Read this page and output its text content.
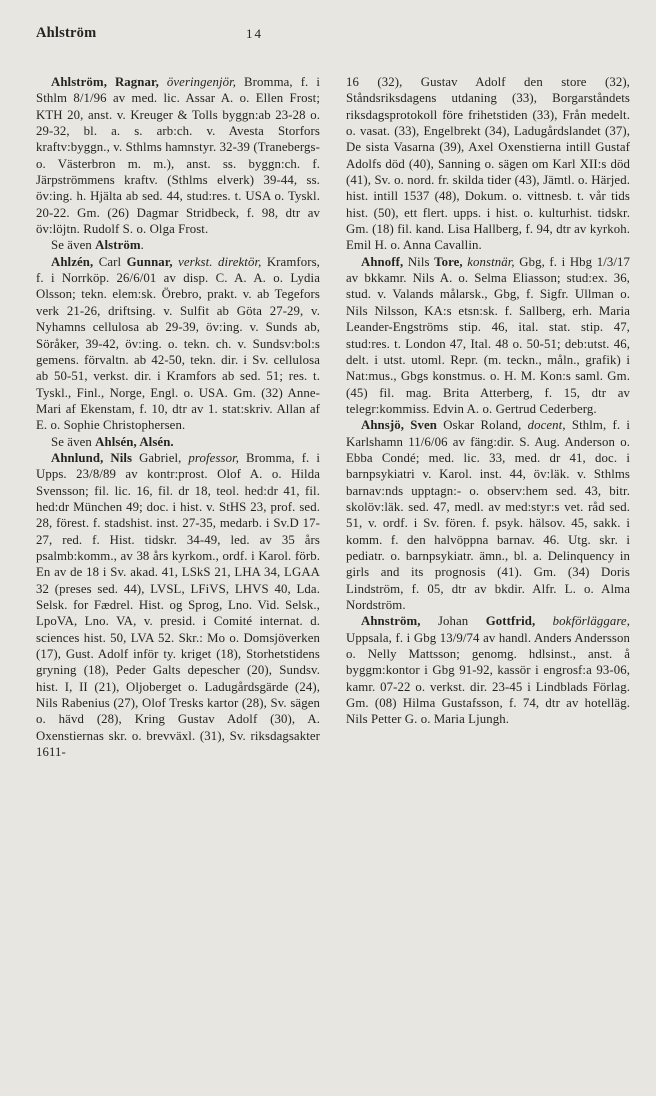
Ahlström	14

Ahlström, Ragnar, överingenjör, Bromma, f. i Sthlm 8/1/96 av med. lic. Assar A. o. Ellen Frost; KTH 20, anst. v. Kreuger & Tolls byggn:ab 23-28 o. 29-32, bl. a. s. arb:ch. v. Avesta Storfors kraftv:byggn., v. Sthlms hamnstyr. 32-39 (Tranebergs- o. Västerbron m. m.), anst. ss. byggn:ch. f. Järpströmmens kraftv. (Sthlms elverk) 39-44, ss. öv:ing. h. Hjälta ab sed. 44, stud:res. t. USA o. Tyskl. 20-22. Gm. (26) Dagmar Stridbeck, f. 98, dtr av öv:löjtn. Rudolf S. o. Olga Frost.

Se även Alström.

Ahlzén, Carl Gunnar, verkst. direktör, Kramfors, f. i Norrköp. 26/6/01 av disp. C. A. A. o. Lydia Olsson; tekn. elem:sk. Örebro, prakt. v. ab Tegefors verk 21-26, driftsing. v. Sulfit ab Göta 27-29, v. Nyhamns cellulosa ab 29-39, öv:ing. v. Sunds ab, Söråker, 39-42, öv:ing. o. tekn. ch. v. Sundsv:bol:s gemens. förvaltn. ab 42-50, tekn. dir. i Sv. cellulosa ab 50-51, verkst. dir. i Kramfors ab sed. 51; res. t. Tyskl., Finl., Norge, Engl. o. USA. Gm. (32) Anne-Mari af Ekenstam, f. 10, dtr av 1. stat:skriv. Allan af E. o. Sophie Christophersen.

Se även Ahlsén, Alsén.

Ahnlund, Nils Gabriel, professor, Bromma, f. i Upps. 23/8/89 av kontr:prost. Olof A. o. Hilda Svensson; fil. lic. 16, fil. dr 18, teol. hed:dr 41, fil. hed:dr München 49; doc. i hist. v. StHS 23, prof. sed. 28, förest. f. stadshist. inst. 27-35, medarb. i Sv.D 17-27, red. f. Hist. tidskr. 34-49, led. av 35 års psalmb:komm., av 38 års kyrkom., ordf. i Karol. förb. En av de 18 i Sv. akad. 41, LSkS 21, LHA 34, LGAA 32 (preses sed. 44), LVSL, LFiVS, LHVS 40, Lda. Selsk. for Fædrel. Hist. og Sprog, Lno. Vid. Selsk., LpoVA, Lno. VA, v. presid. i Comité internat. d. sciences hist. 50, LVA 52. Skr.: Mo o. Domsjöverken (17), Gust. Adolf inför ty. kriget (18), Storhetstidens gryning (18), Peder Galts depescher (20), Sundsv. hist. I, II (21), Oljoberget o. Ladugårdsgärde (24), Nils Rabenius (27), Olof Tresks kartor (28), Sv. sägen o. hävd (28), Kring Gustav Adolf (30), A. Oxenstiernas skr. o. brevväxl. (31), Sv. riksdagsakter 1611-

16 (32), Gustav Adolf den store (32), Ståndsriksdagens utdaning (33), Borgarståndets riksdagsprotokoll före frihetstiden (33), Från medelt. o. vasat. (33), Engelbrekt (34), Ladugårdslandet (37), De sista Vasarna (39), Axel Oxenstierna intill Gustaf Adolfs död (40), Sanning o. sägen om Karl XII:s död (41), Sv. o. nord. fr. skilda tider (43), Jämtl. o. Härjed. hist. intill 1537 (48), Dokum. o. vittnesb. t. vår tids hist. (50), ett flert. upps. i hist. o. kulturhist. tidskr. Gm. (18) fil. kand. Lisa Hallberg, f. 94, dtr av kyrkoh. Emil H. o. Anna Cavallin.

Ahnoff, Nils Tore, konstnär, Gbg, f. i Hbg 1/3/17 av bkkamr. Nils A. o. Selma Eliasson; stud:ex. 36, stud. v. Valands målarsk., Gbg, f. Sigfr. Ullman o. Nils Nilsson, KA:s etsn:sk. f. Sallberg, erh. Maria Leander-Engströms stip. 46, ital. stat. stip. 47, stud:res. t. London 47, Ital. 48 o. 50-51; deb:utst. 46, delt. i utst. utoml. Repr. (m. teckn., måln., grafik) i Nat:mus., Gbgs konstmus. o. H. M. Kon:s saml. Gm. (45) fil. mag. Brita Atterberg, f. 15, dtr av telegr:kommiss. Edvin A. o. Gertrud Cederberg.

Ahnsjö, Sven Oskar Roland, docent, Sthlm, f. i Karlshamn 11/6/06 av fäng:dir. S. Aug. Anderson o. Ebba Condé; med. lic. 33, med. dr 41, doc. i barnpsykiatri v. Karol. inst. 44, öv:läk. v. Sthlms barnav:nds upptagn:- o. observ:hem sed. 43, bitr. skolöv:läk. sed. 47, medl. av med:styr:s vet. råd sed. 51, v. ordf. i Sv. fören. f. psyk. hälsov. 45, sakk. i komm. f. den halvöppna barnav. 46. Utg. skr. i pediatr. o. barnpsykiatr. ämn., bl. a. Delinquency in girls and its prognosis (41). Gm. (34) Doris Lindström, f. 05, dtr av bkdir. Alfr. L. o. Alma Nordström.

Ahnström, Johan Gottfrid, bokförläggare, Uppsala, f. i Gbg 13/9/74 av handl. Anders Andersson o. Nelly Mattsson; genomg. hdlsinst., anst. å byggm:kontor i Gbg 91-92, kassör i engrosf:a 93-06, kamr. 07-22 o. verkst. dir. 23-45 i Lindblads Förlag. Gm. (08) Hilma Gustafsson, f. 74, dtr av hotelläg. Nils Petter G. o. Maria Ljungh.
